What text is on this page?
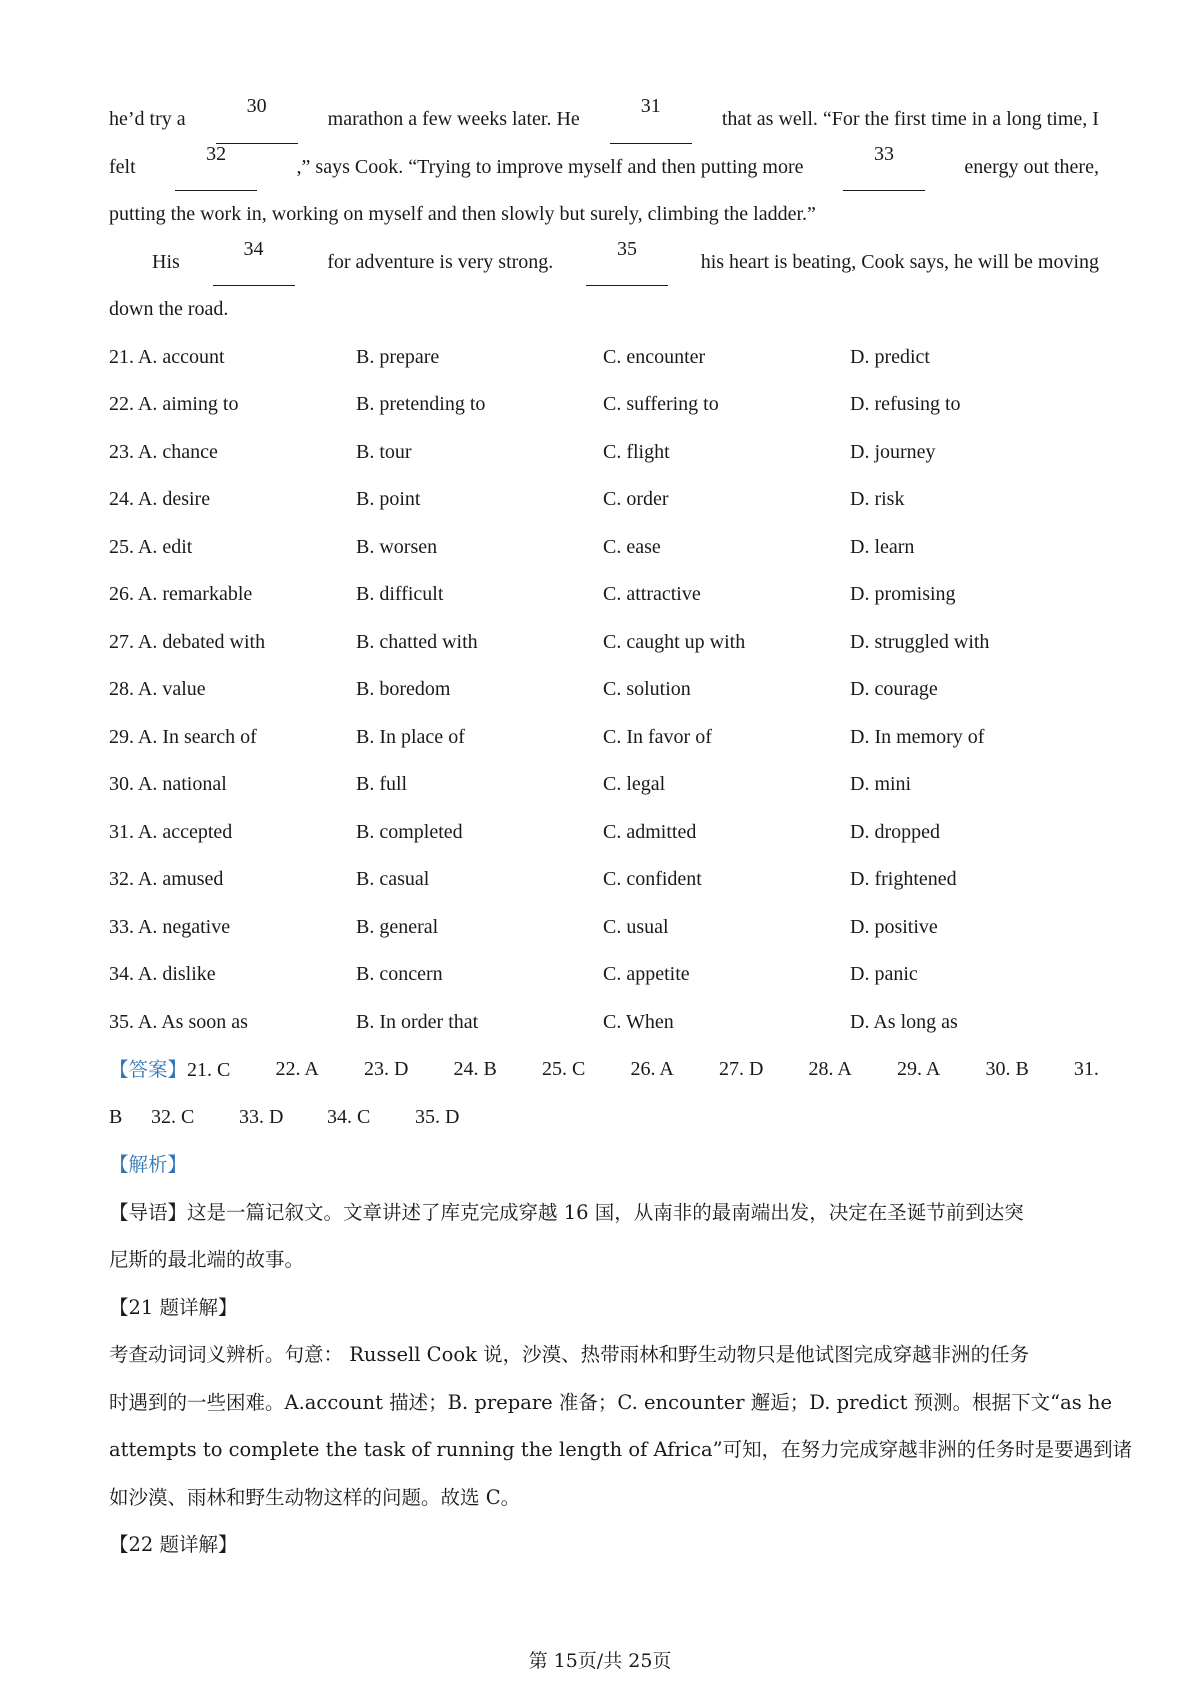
he’d try a
30
marathon a few weeks later. He
31
that as well. “For the first time in a long time, I
felt
32
,” says Cook. “Trying to improve myself and then putting more
33
energy out there,
putting the work in, working on myself and then slowly but surely, climbing the ladder.”
His
34
for adventure is very strong.
35
his heart is beating, Cook says, he will be moving
down the road.
21. A. account	B. prepare	C. encounter	D. predict
22. A. aiming to	B. pretending to	C. suffering to	D. refusing to
23. A. chance	B. tour	C. flight	D. journey
24. A. desire	B. point	C. order	D. risk
25. A. edit	B. worsen	C. ease	D. learn
26. A. remarkable	B. difficult	C. attractive	D. promising
27. A. debated with	B. chatted with	C. caught up with	D. struggled with
28. A. value	B. boredom	C. solution	D. courage
29. A. In search of	B. In place of	C. In favor of	D. In memory of
30. A. national	B. full	C. legal	D. mini
31. A. accepted	B. completed	C. admitted	D. dropped
32. A. amused	B. casual	C. confident	D. frightened
33. A. negative	B. general	C. usual	D. positive
34. A. dislike	B. concern	C. appetite	D. panic
35. A. As soon as	B. In order that	C. When	D. As long as
【答案】21. C 22. A 23. D 24. B 25. C 26. A 27. D 28. A 29. A 30. B 31.
B 32. C 33. D 34. C 35. D
【解析】
【导语】这是一篇记叙文。文章讲述了库克完成穿越 16 国，从南非的最南端出发，决定在圣诞节前到达突
尼斯的最北端的故事。
【21 题详解】
考查动词词义辨析。句意： Russell Cook 说，沙漠、热带雨林和野生动物只是他试图完成穿越非洲的任务
时遇到的一些困难。A.account 描述；B. prepare 准备；C. encounter 邂逅；D. predict 预测。根据下文“as he
attempts to complete the task of running the length of Africa”可知，在努力完成穿越非洲的任务时是要遇到诸
如沙漠、雨林和野生动物这样的问题。故选 C。
【22 题详解】
第 15页/共 25页
